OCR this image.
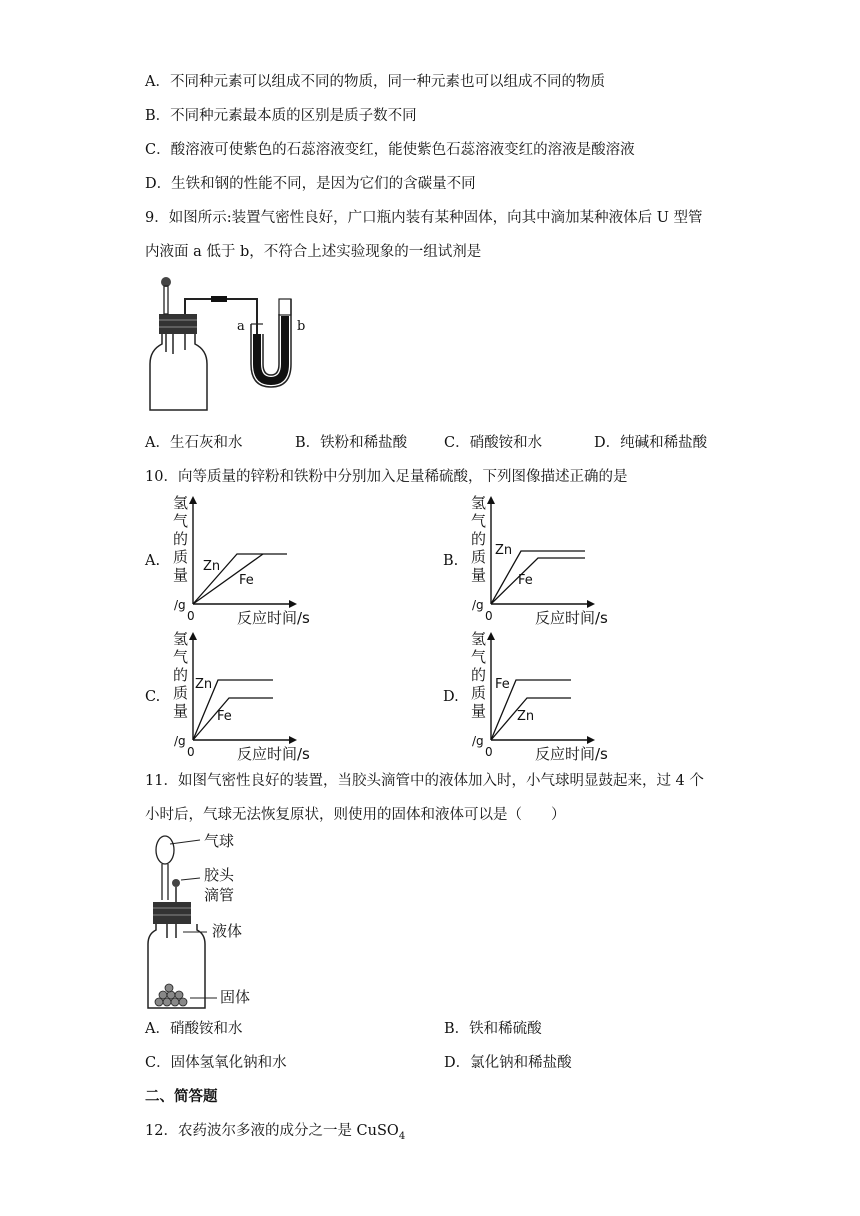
A．不同种元素可以组成不同的物质，同一种元素也可以组成不同的物质
B．不同种元素最本质的区别是质子数不同
C．酸溶液可使紫色的石蕊溶液变红，能使紫色石蕊溶液变红的溶液是酸溶液
D．生铁和钢的性能不同，是因为它们的含碳量不同
9．如图所示:装置气密性良好，广口瓶内装有某种固体，向其中滴加某种液体后 U 型管
内液面 a 低于 b，不符合上述实验现象的一组试剂是
a	b
A．生石灰和水	B．铁粉和稀盐酸	C．硝酸铵和水	D．纯碱和稀盐酸
10．向等质量的锌粉和铁粉中分别加入足量稀硫酸，下列图像描述正确的是
A.
氢
气
的
质
量
/g
0	反应时间/s
Zn
Fe
B.
氢
气
的
质
量
/g
0	反应时间/s
Zn
Fe
C.
氢
气
的
质
量
/g
0	反应时间/s
Zn
Fe
D.
氢
气
的
质
量
/g
0	反应时间/s
Fe
Zn
11．如图气密性良好的装置，当胶头滴管中的液体加入时，小气球明显鼓起来，过 4 个
小时后，气球无法恢复原状，则使用的固体和液体可以是（　　）
气球
胶头
滴管
液体
固体
A．硝酸铵和水	B．铁和稀硫酸
C．固体氢氧化钠和水	D．氯化钠和稀盐酸
二、简答题
12．农药波尔多液的成分之一是 CuSO$_4$
